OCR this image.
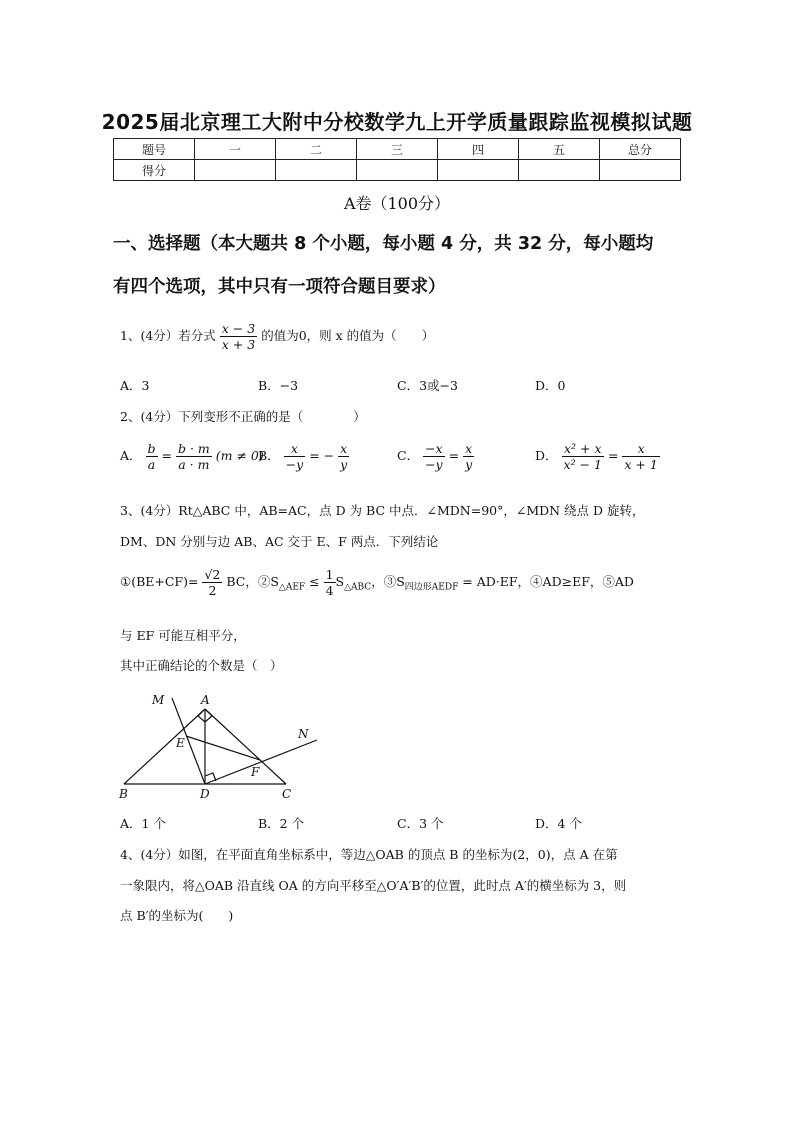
2025届北京理工大附中分校数学九上开学质量跟踪监视模拟试题
题号	一	二	三	四	五	总分
得分						
A卷（100分）
一、选择题（本大题共 8 个小题，每小题 4 分，共 32 分，每小题均
有四个选项，其中只有一项符合题目要求）
1、(4分）若分式 $\frac{x - 3}{x + 3}$ 的值为0，则 x 的值为（　　）
A．3	B．−3	C．3或−3	D．0
2、(4分）下列变形不正确的是（　　　　）
A． $\frac{b}{a} = \frac{b \cdot m}{a \cdot m} (m \ne 0)$
B． $\frac{x}{-y}$ = − $\frac{x}{y}$	C． $\frac{-x}{-y} = \frac{x}{y}$	D． $\frac{\text{x² + x}}{\text{x² − 1}} = \frac{x}{x + 1}$
3、(4分）Rt△ABC 中，AB=AC，点 D 为 BC 中点．∠MDN=90°，∠MDN 绕点 D 旋转，
DM、DN 分别与边 AB、AC 交于 E、F 两点．下列结论
①(BE+CF)= $\frac{√2}{2}$ BC，$②S_{\triangle AEF} \le \frac{1}{4} S_{\triangle ABC}$，$③S_{四边形AEDF} = AD\cdot EF$，④AD≥EF，⑤AD
与 EF 可能互相平分，
其中正确结论的个数是（　）
M	A
E
N
F
B	D	C
A．1 个	B．2 个	C．3 个	D．4 个
4、(4分）如图，在平面直角坐标系中，等边△OAB 的顶点 B 的坐标为(2，0)，点 A 在第
一象限内，将△OAB 沿直线 OA 的方向平移至△O′A′B′的位置，此时点 A′的横坐标为 3，则
点 B′的坐标为(　　)
